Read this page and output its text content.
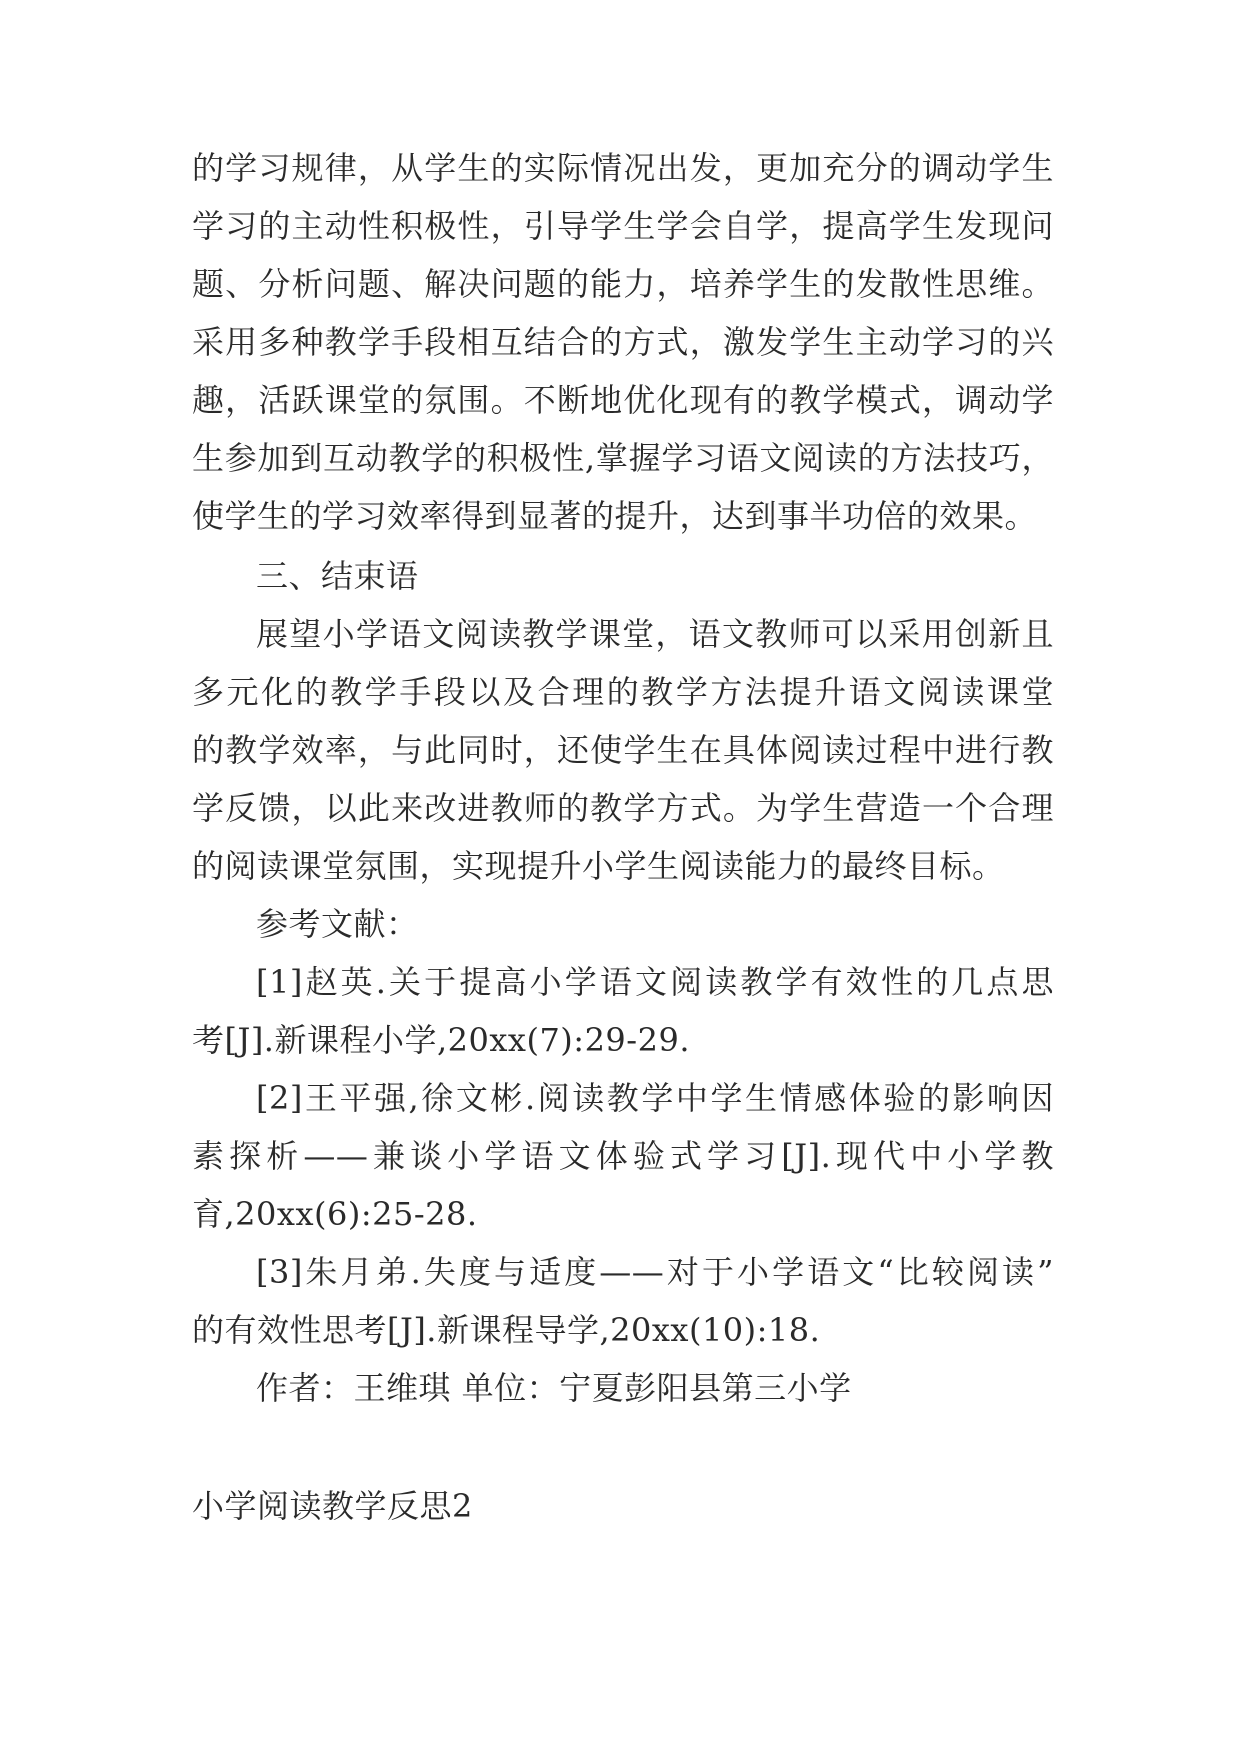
的学习规律，从学生的实际情况出发，更加充分的调动学生
学习的主动性积极性，引导学生学会自学，提高学生发现问
题、分析问题、解决问题的能力，培养学生的发散性思维。
采用多种教学手段相互结合的方式，激发学生主动学习的兴
趣，活跃课堂的氛围。不断地优化现有的教学模式，调动学
生参加到互动教学的积极性,掌握学习语文阅读的方法技巧，
使学生的学习效率得到显著的提升，达到事半功倍的效果。
三、结束语
展望小学语文阅读教学课堂，语文教师可以采用创新且
多元化的教学手段以及合理的教学方法提升语文阅读课堂
的教学效率，与此同时，还使学生在具体阅读过程中进行教
学反馈，以此来改进教师的教学方式。为学生营造一个合理
的阅读课堂氛围，实现提升小学生阅读能力的最终目标。
参考文献：
[1]赵英.关于提高小学语文阅读教学有效性的几点思
考[J].新课程小学,20xx(7):29-29.
[2]王平强,徐文彬.阅读教学中学生情感体验的影响因
素探析——兼谈小学语文体验式学习[J].现代中小学教
育,20xx(6):25-28.
[3]朱月弟.失度与适度——对于小学语文“比较阅读”
的有效性思考[J].新课程导学,20xx(10):18.
作者：王维琪 单位：宁夏彭阳县第三小学
小学阅读教学反思2
